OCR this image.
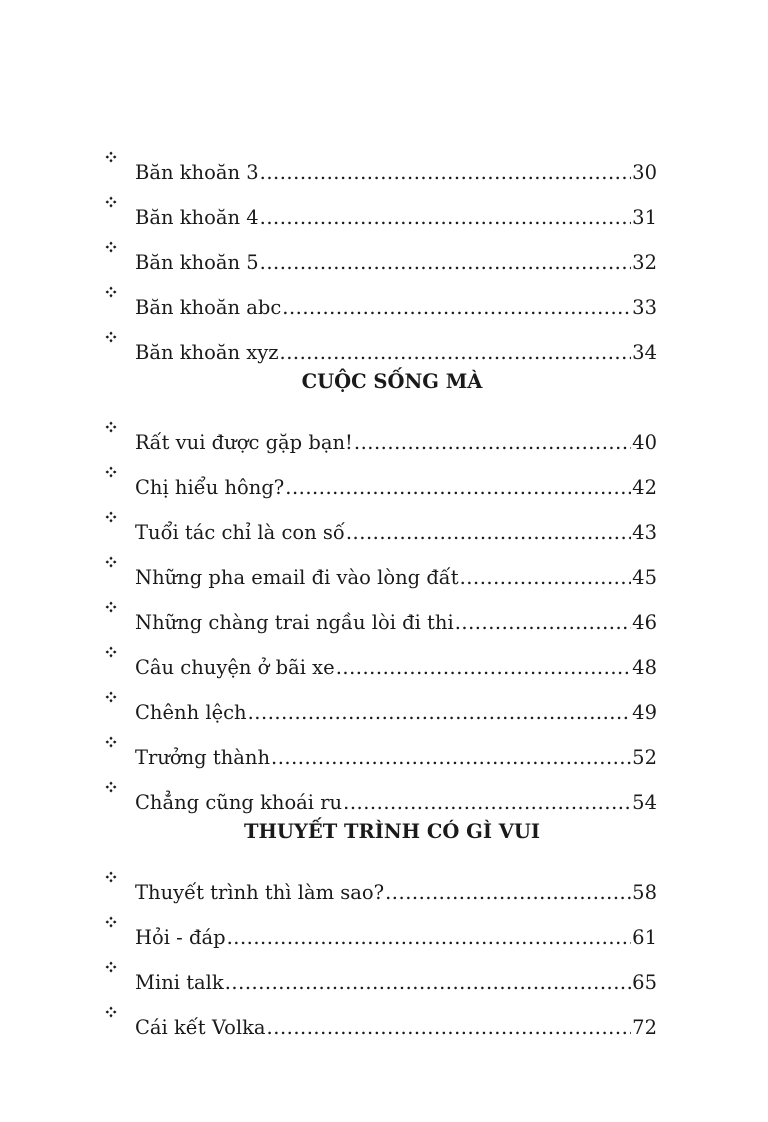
Băn khoăn 3 .....	30
Băn khoăn 4 .....	31
Băn khoăn 5 .....	32
Băn khoăn abc .....	33
Băn khoăn xyz .....	34
CUỘC SỐNG MÀ
Rất vui được gặp bạn! .....	40
Chị hiểu hông? .....	42
Tuổi tác chỉ là con số .....	43
Những pha email đi vào lòng đất .....	45
Những chàng trai ngầu lòi đi thi .....	46
Câu chuyện ở bãi xe .....	48
Chênh lệch .....	49
Trưởng thành .....	52
Chẳng cũng khoái ru .....	54
THUYẾT TRÌNH CÓ GÌ VUI
Thuyết trình thì làm sao? .....	58
Hỏi - đáp .....	61
Mini talk .....	65
Cái kết Volka .....	72
